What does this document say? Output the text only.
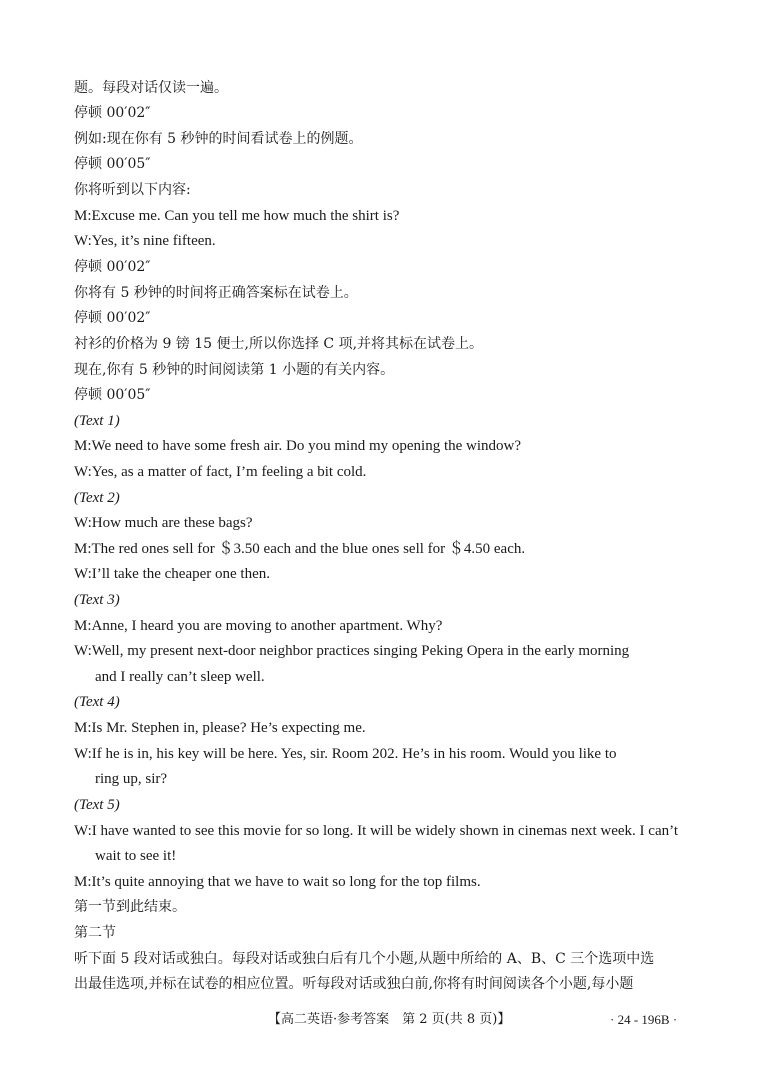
题。每段对话仅读一遍。
停顿 00′02″
例如:现在你有 5 秒钟的时间看试卷上的例题。
停顿 00′05″
你将听到以下内容:
M:Excuse me. Can you tell me how much the shirt is?
W:Yes, it’s nine fifteen.
停顿 00′02″
你将有 5 秒钟的时间将正确答案标在试卷上。
停顿 00′02″
衬衫的价格为 9 镑 15 便士,所以你选择 C 项,并将其标在试卷上。
现在,你有 5 秒钟的时间阅读第 1 小题的有关内容。
停顿 00′05″
(Text 1)
M:We need to have some fresh air. Do you mind my opening the window?
W:Yes, as a matter of fact, I’m feeling a bit cold.
(Text 2)
W:How much are these bags?
M:The red ones sell for ＄3.50 each and the blue ones sell for ＄4.50 each.
W:I’ll take the cheaper one then.
(Text 3)
M:Anne, I heard you are moving to another apartment. Why?
W:Well, my present next-door neighbor practices singing Peking Opera in the early morning
and I really can’t sleep well.
(Text 4)
M:Is Mr. Stephen in, please? He’s expecting me.
W:If he is in, his key will be here. Yes, sir. Room 202. He’s in his room. Would you like to
ring up, sir?
(Text 5)
W:I have wanted to see this movie for so long. It will be widely shown in cinemas next week. I can’t
wait to see it!
M:It’s quite annoying that we have to wait so long for the top films.
第一节到此结束。
第二节
听下面 5 段对话或独白。每段对话或独白后有几个小题,从题中所给的 A、B、C 三个选项中选
出最佳选项,并标在试卷的相应位置。听每段对话或独白前,你将有时间阅读各个小题,每小题
【高二英语·参考答案　第 2 页(共 8 页)】	· 24 - 196B ·
